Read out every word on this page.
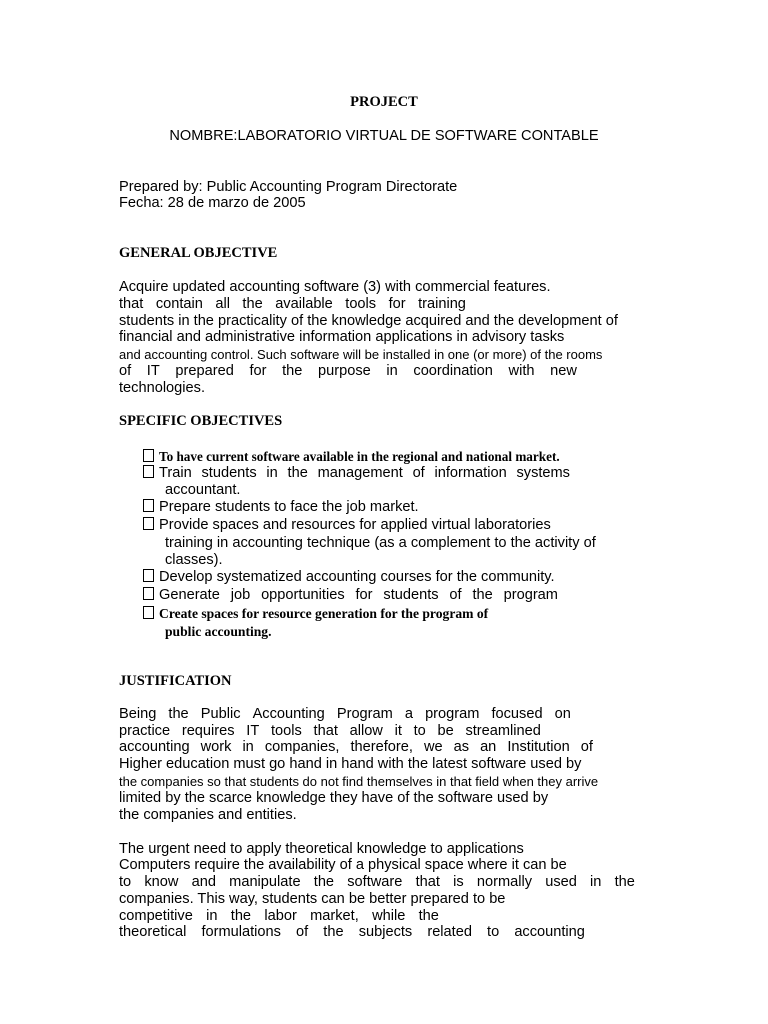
PROJECT
NOMBRE:LABORATORIO VIRTUAL DE SOFTWARE CONTABLE
Prepared by: Public Accounting Program Directorate
Fecha: 28 de marzo de 2005
GENERAL OBJECTIVE
Acquire updated accounting software (3) with commercial features.
that contain all the available tools for training
students in the practicality of the knowledge acquired and the development of
financial and administrative information applications in advisory tasks
and accounting control. Such software will be installed in one (or more) of the rooms
of IT prepared for the purpose in coordination with new
technologies.
SPECIFIC OBJECTIVES
To have current software available in the regional and national market.
Train students in the management of information systems
accountant.
Prepare students to face the job market.
Provide spaces and resources for applied virtual laboratories
training in accounting technique (as a complement to the activity of
classes).
Develop systematized accounting courses for the community.
Generate job opportunities for students of the program
Create spaces for resource generation for the program of
public accounting.
JUSTIFICATION
Being the Public Accounting Program a program focused on
practice requires IT tools that allow it to be streamlined
accounting work in companies, therefore, we as an Institution of
Higher education must go hand in hand with the latest software used by
the companies so that students do not find themselves in that field when they arrive
limited by the scarce knowledge they have of the software used by
the companies and entities.
The urgent need to apply theoretical knowledge to applications
Computers require the availability of a physical space where it can be
to know and manipulate the software that is normally used in the
companies. This way, students can be better prepared to be
competitive in the labor market, while the
theoretical formulations of the subjects related to accounting
